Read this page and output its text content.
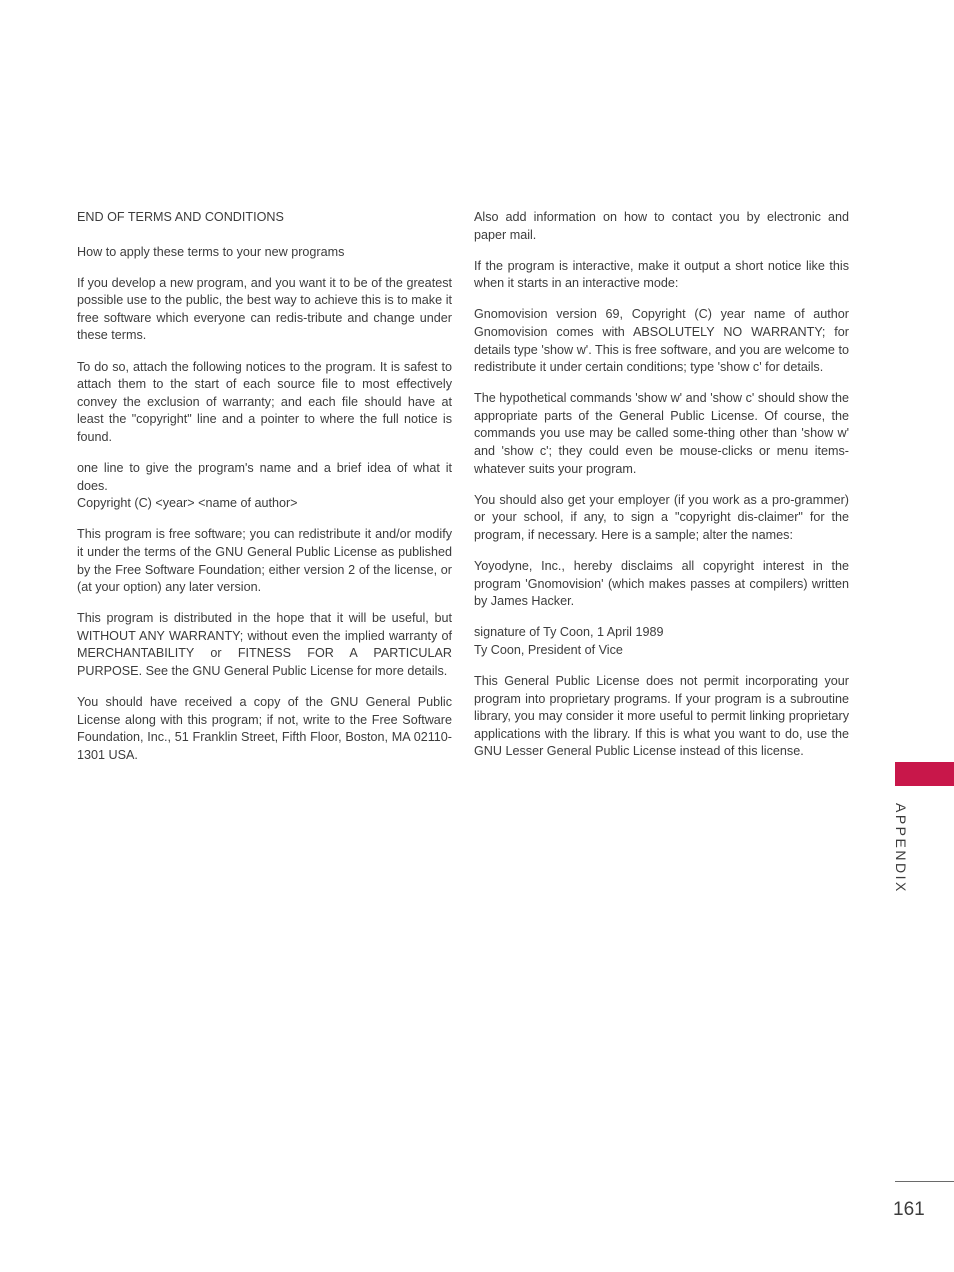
END OF TERMS AND CONDITIONS

How to apply these terms to your new programs

If you develop a new program, and you want it to be of the greatest possible use to the public, the best way to achieve this is to make it free software which everyone can redis-tribute and change under these terms.

To do so, attach the following notices to the program. It is safest to attach them to the start of each source file to most effectively convey the exclusion of warranty; and each file should have at least the "copyright" line and a pointer to where the full notice is found.

one line to give the program's name and a brief idea of what it does.
Copyright (C) <year> <name of author>

This program is free software; you can redistribute it and/or modify it under the terms of the GNU General Public License as published by the Free Software Foundation; either version 2 of the license, or (at your option) any later version.

This program is distributed in the hope that it will be useful, but WITHOUT ANY WARRANTY; without even the implied warranty of MERCHANTABILITY or FITNESS FOR A PARTICULAR PURPOSE. See the GNU General Public License for more details.

You should have received a copy of the GNU General Public License along with this program; if not, write to the Free Software Foundation, Inc., 51 Franklin Street, Fifth Floor, Boston, MA 02110-1301 USA.

Also add information on how to contact you by electronic and paper mail.

If the program is interactive, make it output a short notice like this when it starts in an interactive mode:

Gnomovision version 69, Copyright (C) year name of author Gnomovision comes with ABSOLUTELY NO WARRANTY; for details type 'show w'. This is free software, and you are welcome to redistribute it under certain conditions; type 'show c' for details.

The hypothetical commands 'show w' and 'show c' should show the appropriate parts of the General Public License. Of course, the commands you use may be called some-thing other than 'show w' and 'show c'; they could even be mouse-clicks or menu items-whatever suits your program.

You should also get your employer (if you work as a pro-grammer) or your school, if any, to sign a "copyright dis-claimer" for the program, if necessary. Here is a sample; alter the names:

Yoyodyne, Inc., hereby disclaims all copyright interest in the program 'Gnomovision' (which makes passes at compilers) written by James Hacker.

signature of Ty Coon, 1 April 1989
Ty Coon, President of Vice

This General Public License does not permit incorporating your program into proprietary programs. If your program is a subroutine library, you may consider it more useful to permit linking proprietary applications with the library. If this is what you want to do, use the GNU Lesser General Public License instead of this license.

APPENDIX
161
